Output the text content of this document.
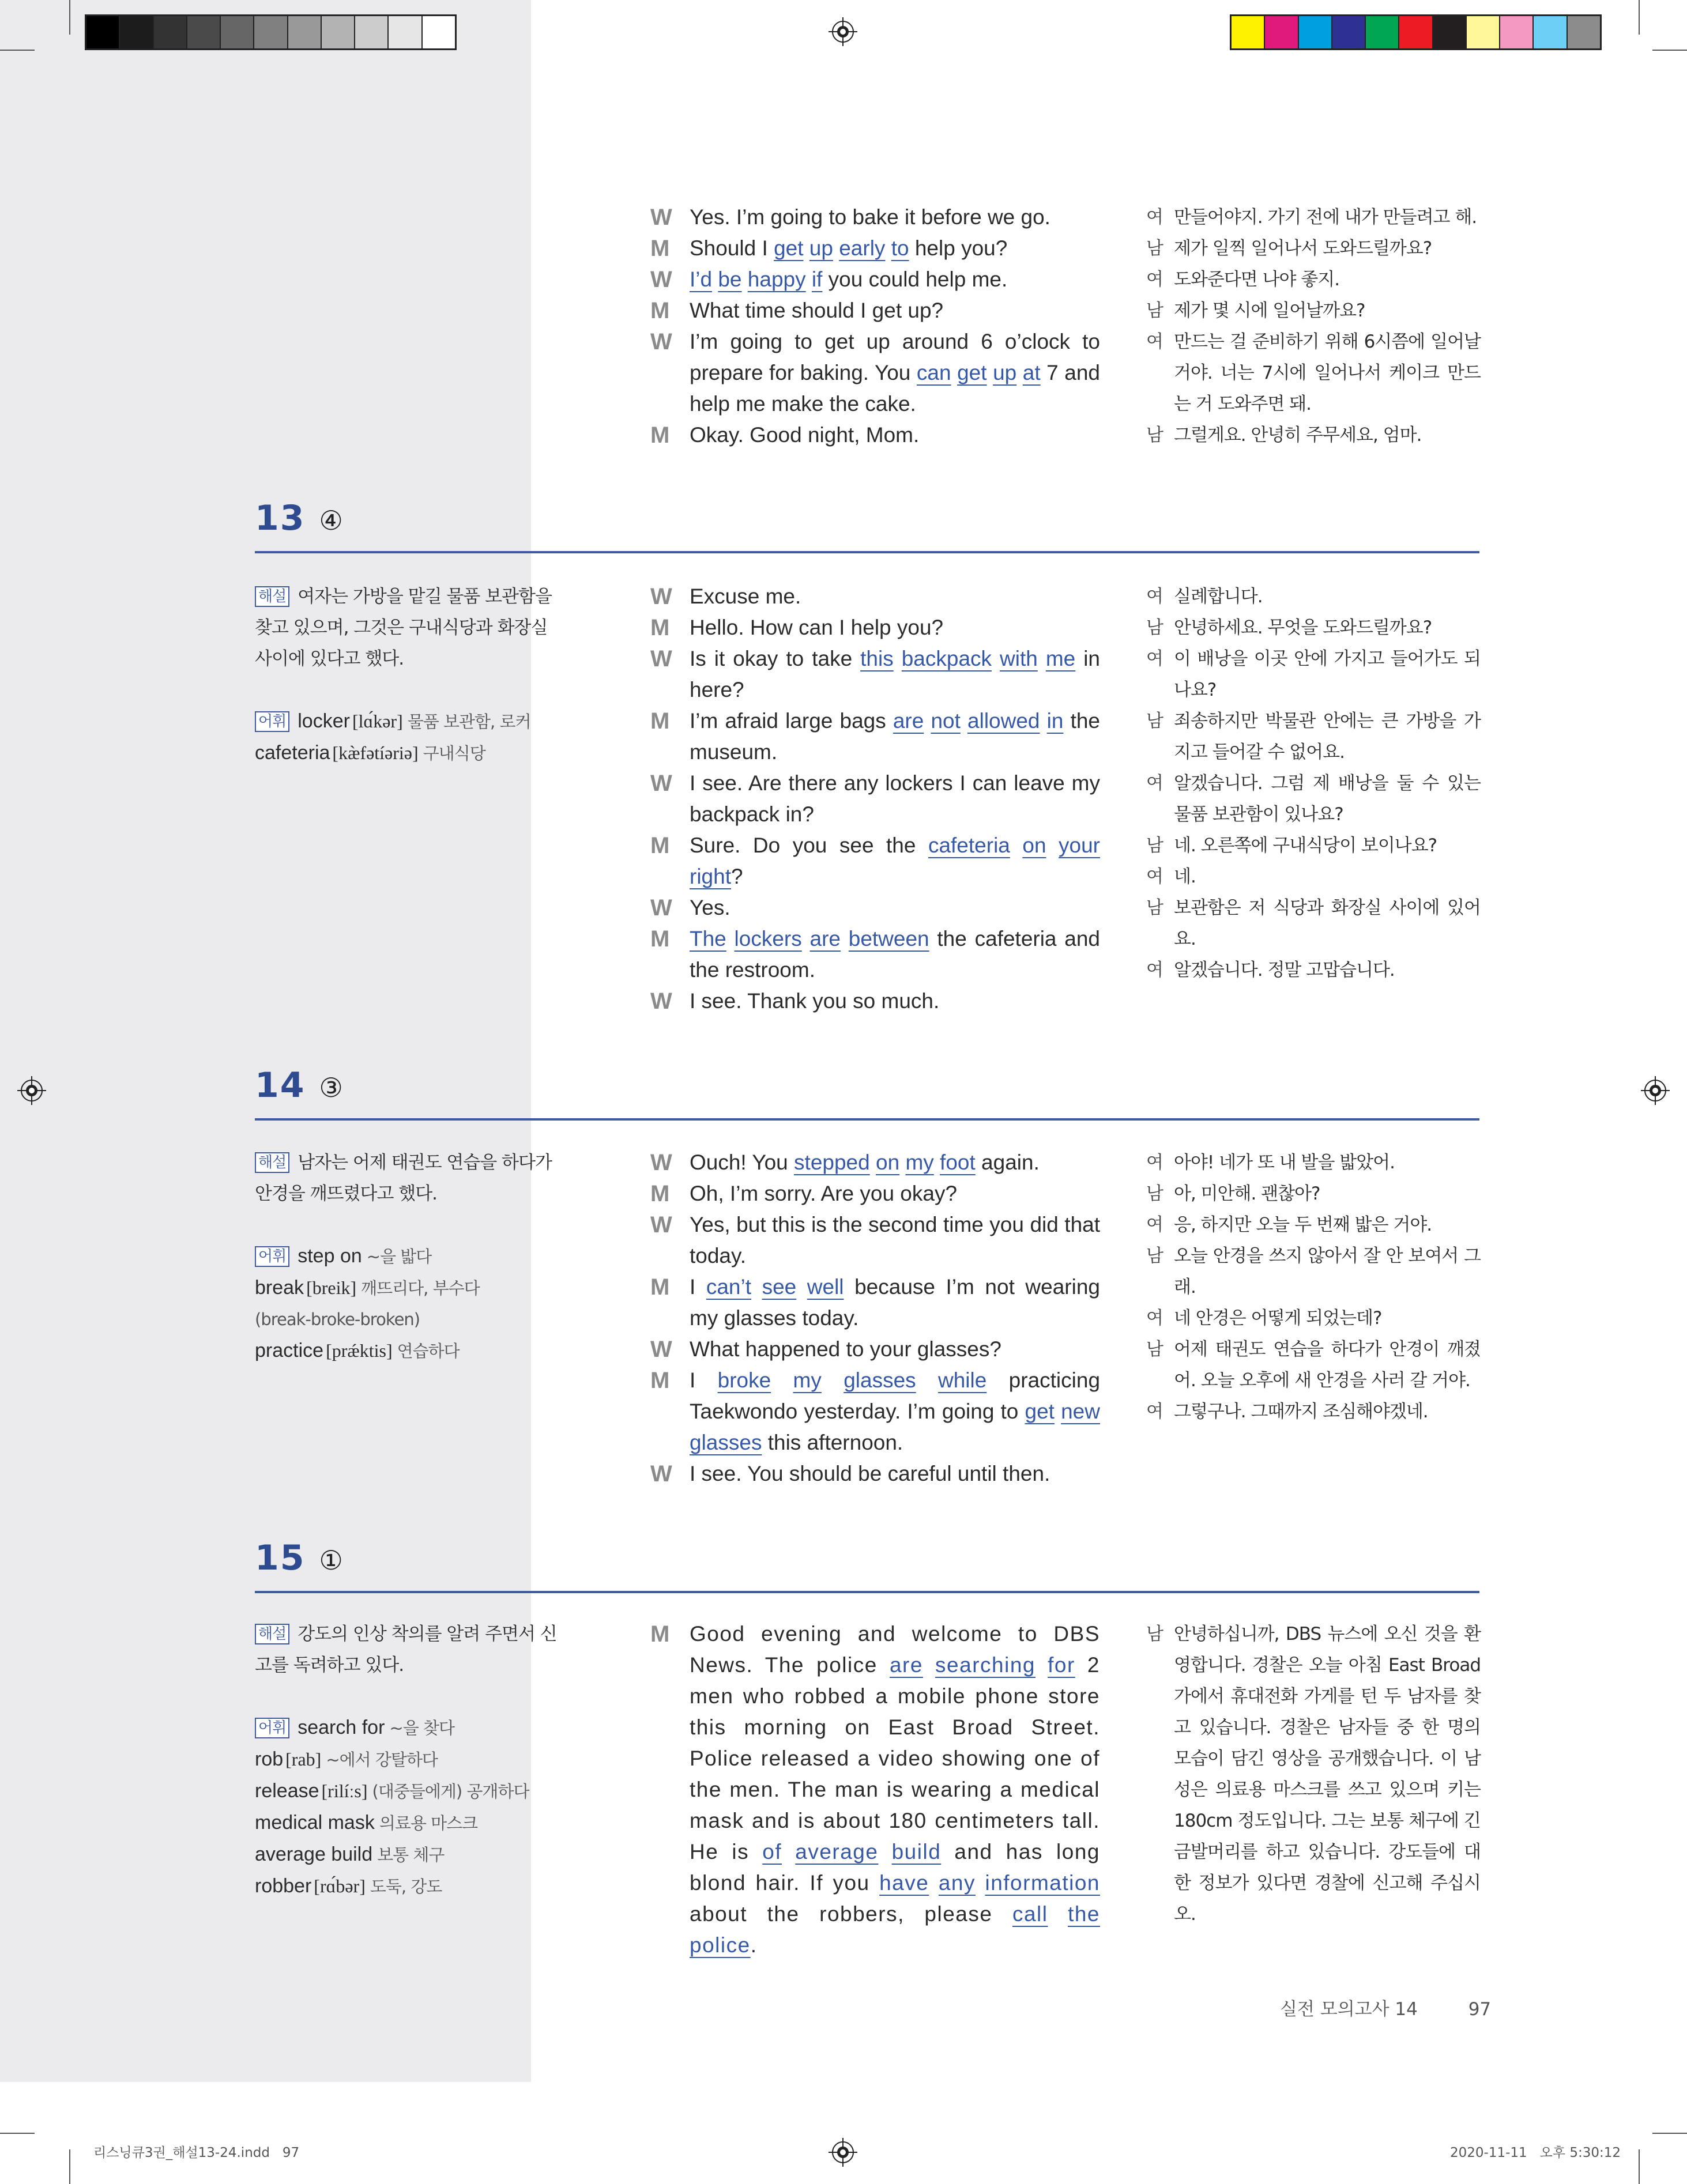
W Yes. I’m going to bake it before we go.
M Should I get up early to help you?
W I’d be happy if you could help me.
M What time should I get up?
W I’m going to get up around 6 o’clock to prepare for baking. You can get up at 7 and help me make the cake.
M Okay. Good night, Mom.
여 만들어야지. 가기 전에 내가 만들려고 해.
남 제가 일찍 일어나서 도와드릴까요?
여 도와준다면 나야 좋지.
남 제가 몇 시에 일어날까요?
여 만드는 걸 준비하기 위해 6시쯤에 일어날 거야. 너는 7시에 일어나서 케이크 만드는 거 도와주면 돼.
남 그럴게요. 안녕히 주무세요, 엄마.
13 ④
해설 여자는 가방을 맡길 물품 보관함을 찾고 있으며, 그것은 구내식당과 화장실 사이에 있다고 했다.
어휘 locker [lɑ́kər] 물품 보관함, 로커
cafeteria [kæ̀fətíəriə] 구내식당
W Excuse me.
M Hello. How can I help you?
W Is it okay to take this backpack with me in here?
M I’m afraid large bags are not allowed in the museum.
W I see. Are there any lockers I can leave my backpack in?
M Sure. Do you see the cafeteria on your right?
W Yes.
M The lockers are between the cafeteria and the restroom.
W I see. Thank you so much.
여 실례합니다.
남 안녕하세요. 무엇을 도와드릴까요?
여 이 배낭을 이곳 안에 가지고 들어가도 되나요?
남 죄송하지만 박물관 안에는 큰 가방을 가지고 들어갈 수 없어요.
여 알겠습니다. 그럼 제 배낭을 둘 수 있는 물품 보관함이 있나요?
남 네. 오른쪽에 구내식당이 보이나요?
여 네.
남 보관함은 저 식당과 화장실 사이에 있어요.
여 알겠습니다. 정말 고맙습니다.
14 ③
해설 남자는 어제 태권도 연습을 하다가 안경을 깨뜨렸다고 했다.
어휘 step on ~을 밟다
break [breik] 깨뜨리다, 부수다
(break-broke-broken)
practice [prǽktis] 연습하다
W Ouch! You stepped on my foot again.
M Oh, I’m sorry. Are you okay?
W Yes, but this is the second time you did that today.
M I can’t see well because I’m not wearing my glasses today.
W What happened to your glasses?
M I broke my glasses while practicing Taekwondo yesterday. I’m going to get new glasses this afternoon.
W I see. You should be careful until then.
여 아야! 네가 또 내 발을 밟았어.
남 아, 미안해. 괜찮아?
여 응, 하지만 오늘 두 번째 밟은 거야.
남 오늘 안경을 쓰지 않아서 잘 안 보여서 그래.
여 네 안경은 어떻게 되었는데?
남 어제 태권도 연습을 하다가 안경이 깨졌어. 오늘 오후에 새 안경을 사러 갈 거야.
여 그렇구나. 그때까지 조심해야겠네.
15 ①
해설 강도의 인상 착의를 알려 주면서 신고를 독려하고 있다.
어휘 search for ~을 찾다
rob [rab] ~에서 강탈하다
release [rilíːs] (대중들에게) 공개하다
medical mask 의료용 마스크
average build 보통 체구
robber [rɑ́bər] 도둑, 강도
M Good evening and welcome to DBS News. The police are searching for 2 men who robbed a mobile phone store this morning on East Broad Street. Police released a video showing one of the men. The man is wearing a medical mask and is about 180 centimeters tall. He is of average build and has long blond hair. If you have any information about the robbers, please call the police.
남 안녕하십니까, DBS 뉴스에 오신 것을 환영합니다. 경찰은 오늘 아침 East Broad 가에서 휴대전화 가게를 턴 두 남자를 찾고 있습니다. 경찰은 남자들 중 한 명의 모습이 담긴 영상을 공개했습니다. 이 남성은 의료용 마스크를 쓰고 있으며 키는 180cm 정도입니다. 그는 보통 체구에 긴 금발머리를 하고 있습니다. 강도들에 대한 정보가 있다면 경찰에 신고해 주십시오.
실전 모의고사 14	97
리스닝큐3권_해설13-24.indd   97	2020-11-11   오후 5:30:12
